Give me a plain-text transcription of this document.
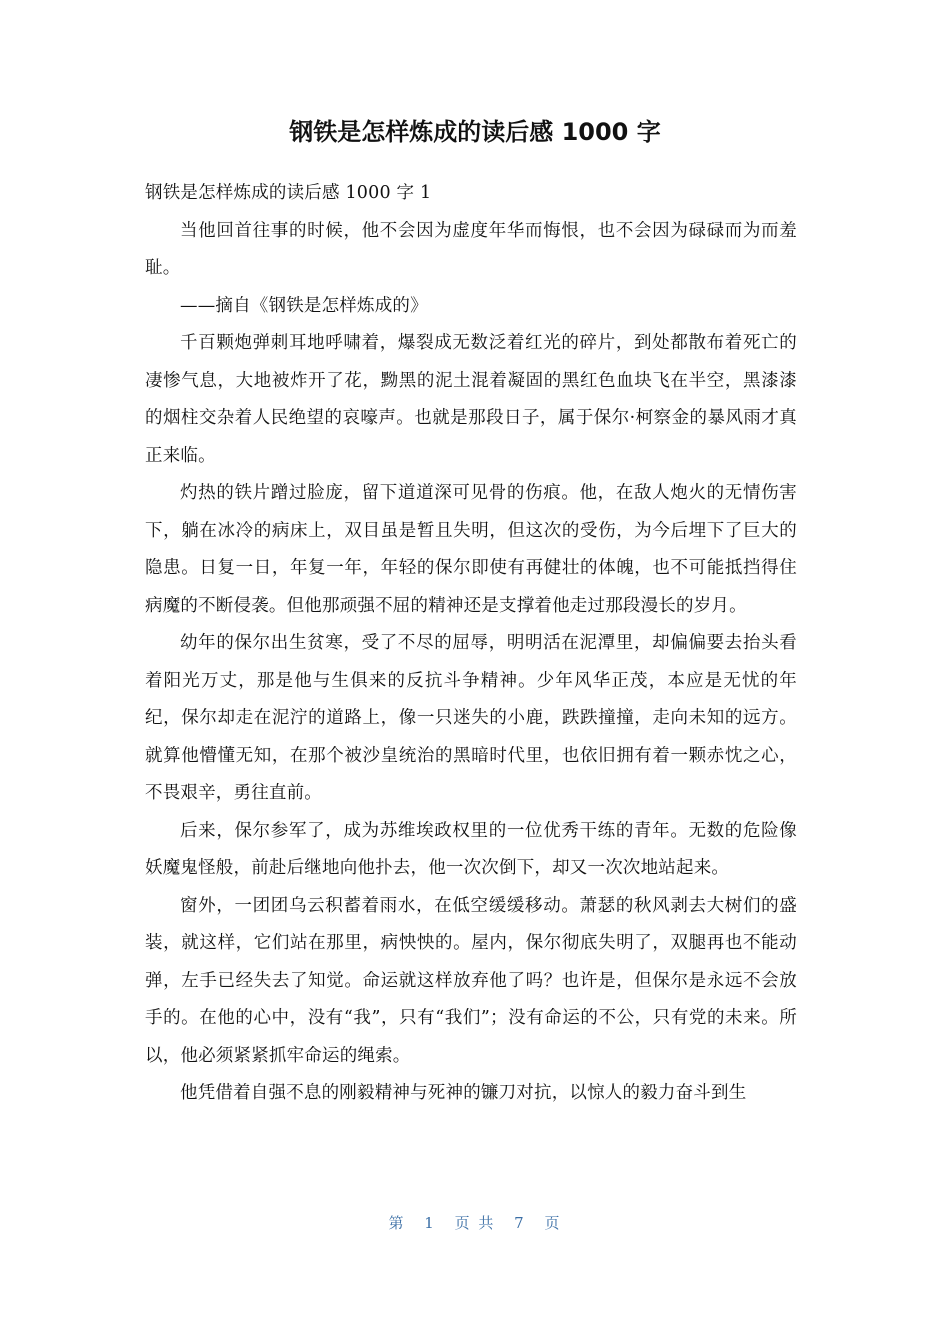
钢铁是怎样炼成的读后感 1000 字

钢铁是怎样炼成的读后感 1000 字 1

当他回首往事的时候，他不会因为虚度年华而悔恨，也不会因为碌碌而为而羞耻。

——摘自《钢铁是怎样炼成的》

千百颗炮弹刺耳地呼啸着，爆裂成无数泛着红光的碎片，到处都散布着死亡的凄惨气息，大地被炸开了花，黝黑的泥土混着凝固的黑红色血块飞在半空，黑漆漆的烟柱交杂着人民绝望的哀嚎声。也就是那段日子，属于保尔·柯察金的暴风雨才真正来临。

灼热的铁片蹭过脸庞，留下道道深可见骨的伤痕。他，在敌人炮火的无情伤害下，躺在冰冷的病床上，双目虽是暂且失明，但这次的受伤，为今后埋下了巨大的隐患。日复一日，年复一年，年轻的保尔即使有再健壮的体魄，也不可能抵挡得住病魔的不断侵袭。但他那顽强不屈的精神还是支撑着他走过那段漫长的岁月。

幼年的保尔出生贫寒，受了不尽的屈辱，明明活在泥潭里，却偏偏要去抬头看着阳光万丈，那是他与生俱来的反抗斗争精神。少年风华正茂，本应是无忧的年纪，保尔却走在泥泞的道路上，像一只迷失的小鹿，跌跌撞撞，走向未知的远方。就算他懵懂无知，在那个被沙皇统治的黑暗时代里，也依旧拥有着一颗赤忱之心，不畏艰辛，勇往直前。

后来，保尔参军了，成为苏维埃政权里的一位优秀干练的青年。无数的危险像妖魔鬼怪般，前赴后继地向他扑去，他一次次倒下，却又一次次地站起来。

窗外，一团团乌云积蓄着雨水，在低空缓缓移动。萧瑟的秋风剥去大树们的盛装，就这样，它们站在那里，病怏怏的。屋内，保尔彻底失明了，双腿再也不能动弹，左手已经失去了知觉。命运就这样放弃他了吗？也许是，但保尔是永远不会放手的。在他的心中，没有“我”，只有“我们”；没有命运的不公，只有党的未来。所以，他必须紧紧抓牢命运的绳索。

他凭借着自强不息的刚毅精神与死神的镰刀对抗，以惊人的毅力奋斗到生

第 1 页 共 7 页
